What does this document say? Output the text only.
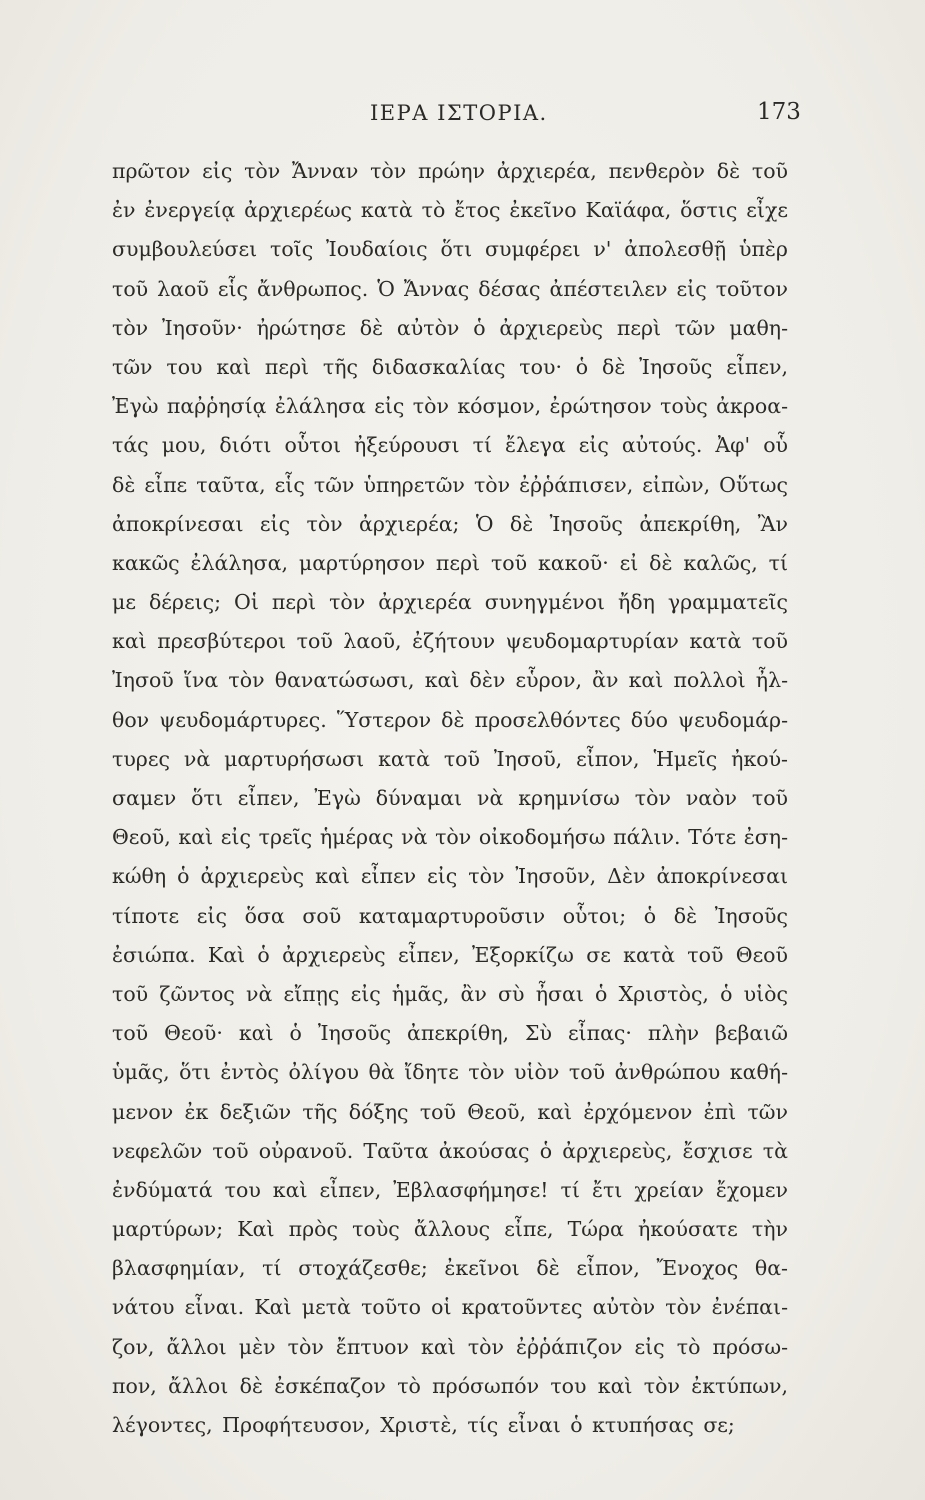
ΙΕΡΑ ΙΣΤΟΡΙΑ.	173
πρῶτον εἰς τὸν Ἄνναν τὸν πρώην ἀρχιερέα, πενθερὸν δὲ τοῦ
ἐν ἐνεργείᾳ ἀρχιερέως κατὰ τὸ ἔτος ἐκεῖνο Καϊάφα, ὅστις εἶχε
συμβουλεύσει τοῖς Ἰουδαίοις ὅτι συμφέρει ν' ἀπολεσθῇ ὑπὲρ
τοῦ λαοῦ εἷς ἄνθρωπος. Ὁ Ἄννας δέσας ἀπέστειλεν εἰς τοῦτον
τὸν Ἰησοῦν· ἠρώτησε δὲ αὐτὸν ὁ ἀρχιερεὺς περὶ τῶν μαθη-
τῶν του καὶ περὶ τῆς διδασκαλίας του· ὁ δὲ Ἰησοῦς εἶπεν,
Ἐγὼ παῤῥησίᾳ ἐλάλησα εἰς τὸν κόσμον, ἐρώτησον τοὺς ἀκροα-
τάς μου, διότι οὗτοι ἠξεύρουσι τί ἔλεγα εἰς αὐτούς. Ἀφ' οὗ
δὲ εἶπε ταῦτα, εἷς τῶν ὑπηρετῶν τὸν ἐῤῥάπισεν, εἰπὼν, Οὕτως
ἀποκρίνεσαι εἰς τὸν ἀρχιερέα; Ὁ δὲ Ἰησοῦς ἀπεκρίθη, Ἂν
κακῶς ἐλάλησα, μαρτύρησον περὶ τοῦ κακοῦ· εἰ δὲ καλῶς, τί
με δέρεις; Οἱ περὶ τὸν ἀρχιερέα συνηγμένοι ἤδη γραμματεῖς
καὶ πρεσβύτεροι τοῦ λαοῦ, ἐζήτουν ψευδομαρτυρίαν κατὰ τοῦ
Ἰησοῦ ἵνα τὸν θανατώσωσι, καὶ δὲν εὗρον, ἂν καὶ πολλοὶ ἦλ-
θον ψευδομάρτυρες. Ὕστερον δὲ προσελθόντες δύο ψευδομάρ-
τυρες νὰ μαρτυρήσωσι κατὰ τοῦ Ἰησοῦ, εἶπον, Ἡμεῖς ἠκού-
σαμεν ὅτι εἶπεν, Ἐγὼ δύναμαι νὰ κρημνίσω τὸν ναὸν τοῦ
Θεοῦ, καὶ εἰς τρεῖς ἡμέρας νὰ τὸν οἰκοδομήσω πάλιν. Τότε ἐση-
κώθη ὁ ἀρχιερεὺς καὶ εἶπεν εἰς τὸν Ἰησοῦν, Δὲν ἀποκρίνεσαι
τίποτε εἰς ὅσα σοῦ καταμαρτυροῦσιν οὗτοι; ὁ δὲ Ἰησοῦς
ἐσιώπα. Καὶ ὁ ἀρχιερεὺς εἶπεν, Ἐξορκίζω σε κατὰ τοῦ Θεοῦ
τοῦ ζῶντος νὰ εἴπῃς εἰς ἡμᾶς, ἂν σὺ ἦσαι ὁ Χριστὸς, ὁ υἱὸς
τοῦ Θεοῦ· καὶ ὁ Ἰησοῦς ἀπεκρίθη, Σὺ εἶπας· πλὴν βεβαιῶ
ὑμᾶς, ὅτι ἐντὸς ὀλίγου θὰ ἴδητε τὸν υἱὸν τοῦ ἀνθρώπου καθή-
μενον ἐκ δεξιῶν τῆς δόξης τοῦ Θεοῦ, καὶ ἐρχόμενον ἐπὶ τῶν
νεφελῶν τοῦ οὐρανοῦ. Ταῦτα ἀκούσας ὁ ἀρχιερεὺς, ἔσχισε τὰ
ἐνδύματά του καὶ εἶπεν, Ἐβλασφήμησε! τί ἔτι χρείαν ἔχομεν
μαρτύρων; Καὶ πρὸς τοὺς ἄλλους εἶπε, Τώρα ἠκούσατε τὴν
βλασφημίαν, τί στοχάζεσθε; ἐκεῖνοι δὲ εἶπον, Ἔνοχος θα-
νάτου εἶναι. Καὶ μετὰ τοῦτο οἱ κρατοῦντες αὐτὸν τὸν ἐνέπαι-
ζον, ἄλλοι μὲν τὸν ἔπτυον καὶ τὸν ἐῤῥάπιζον εἰς τὸ πρόσω-
πον, ἄλλοι δὲ ἐσκέπαζον τὸ πρόσωπόν του καὶ τὸν ἐκτύπων,
λέγοντες, Προφήτευσον, Χριστὲ, τίς εἶναι ὁ κτυπήσας σε;
